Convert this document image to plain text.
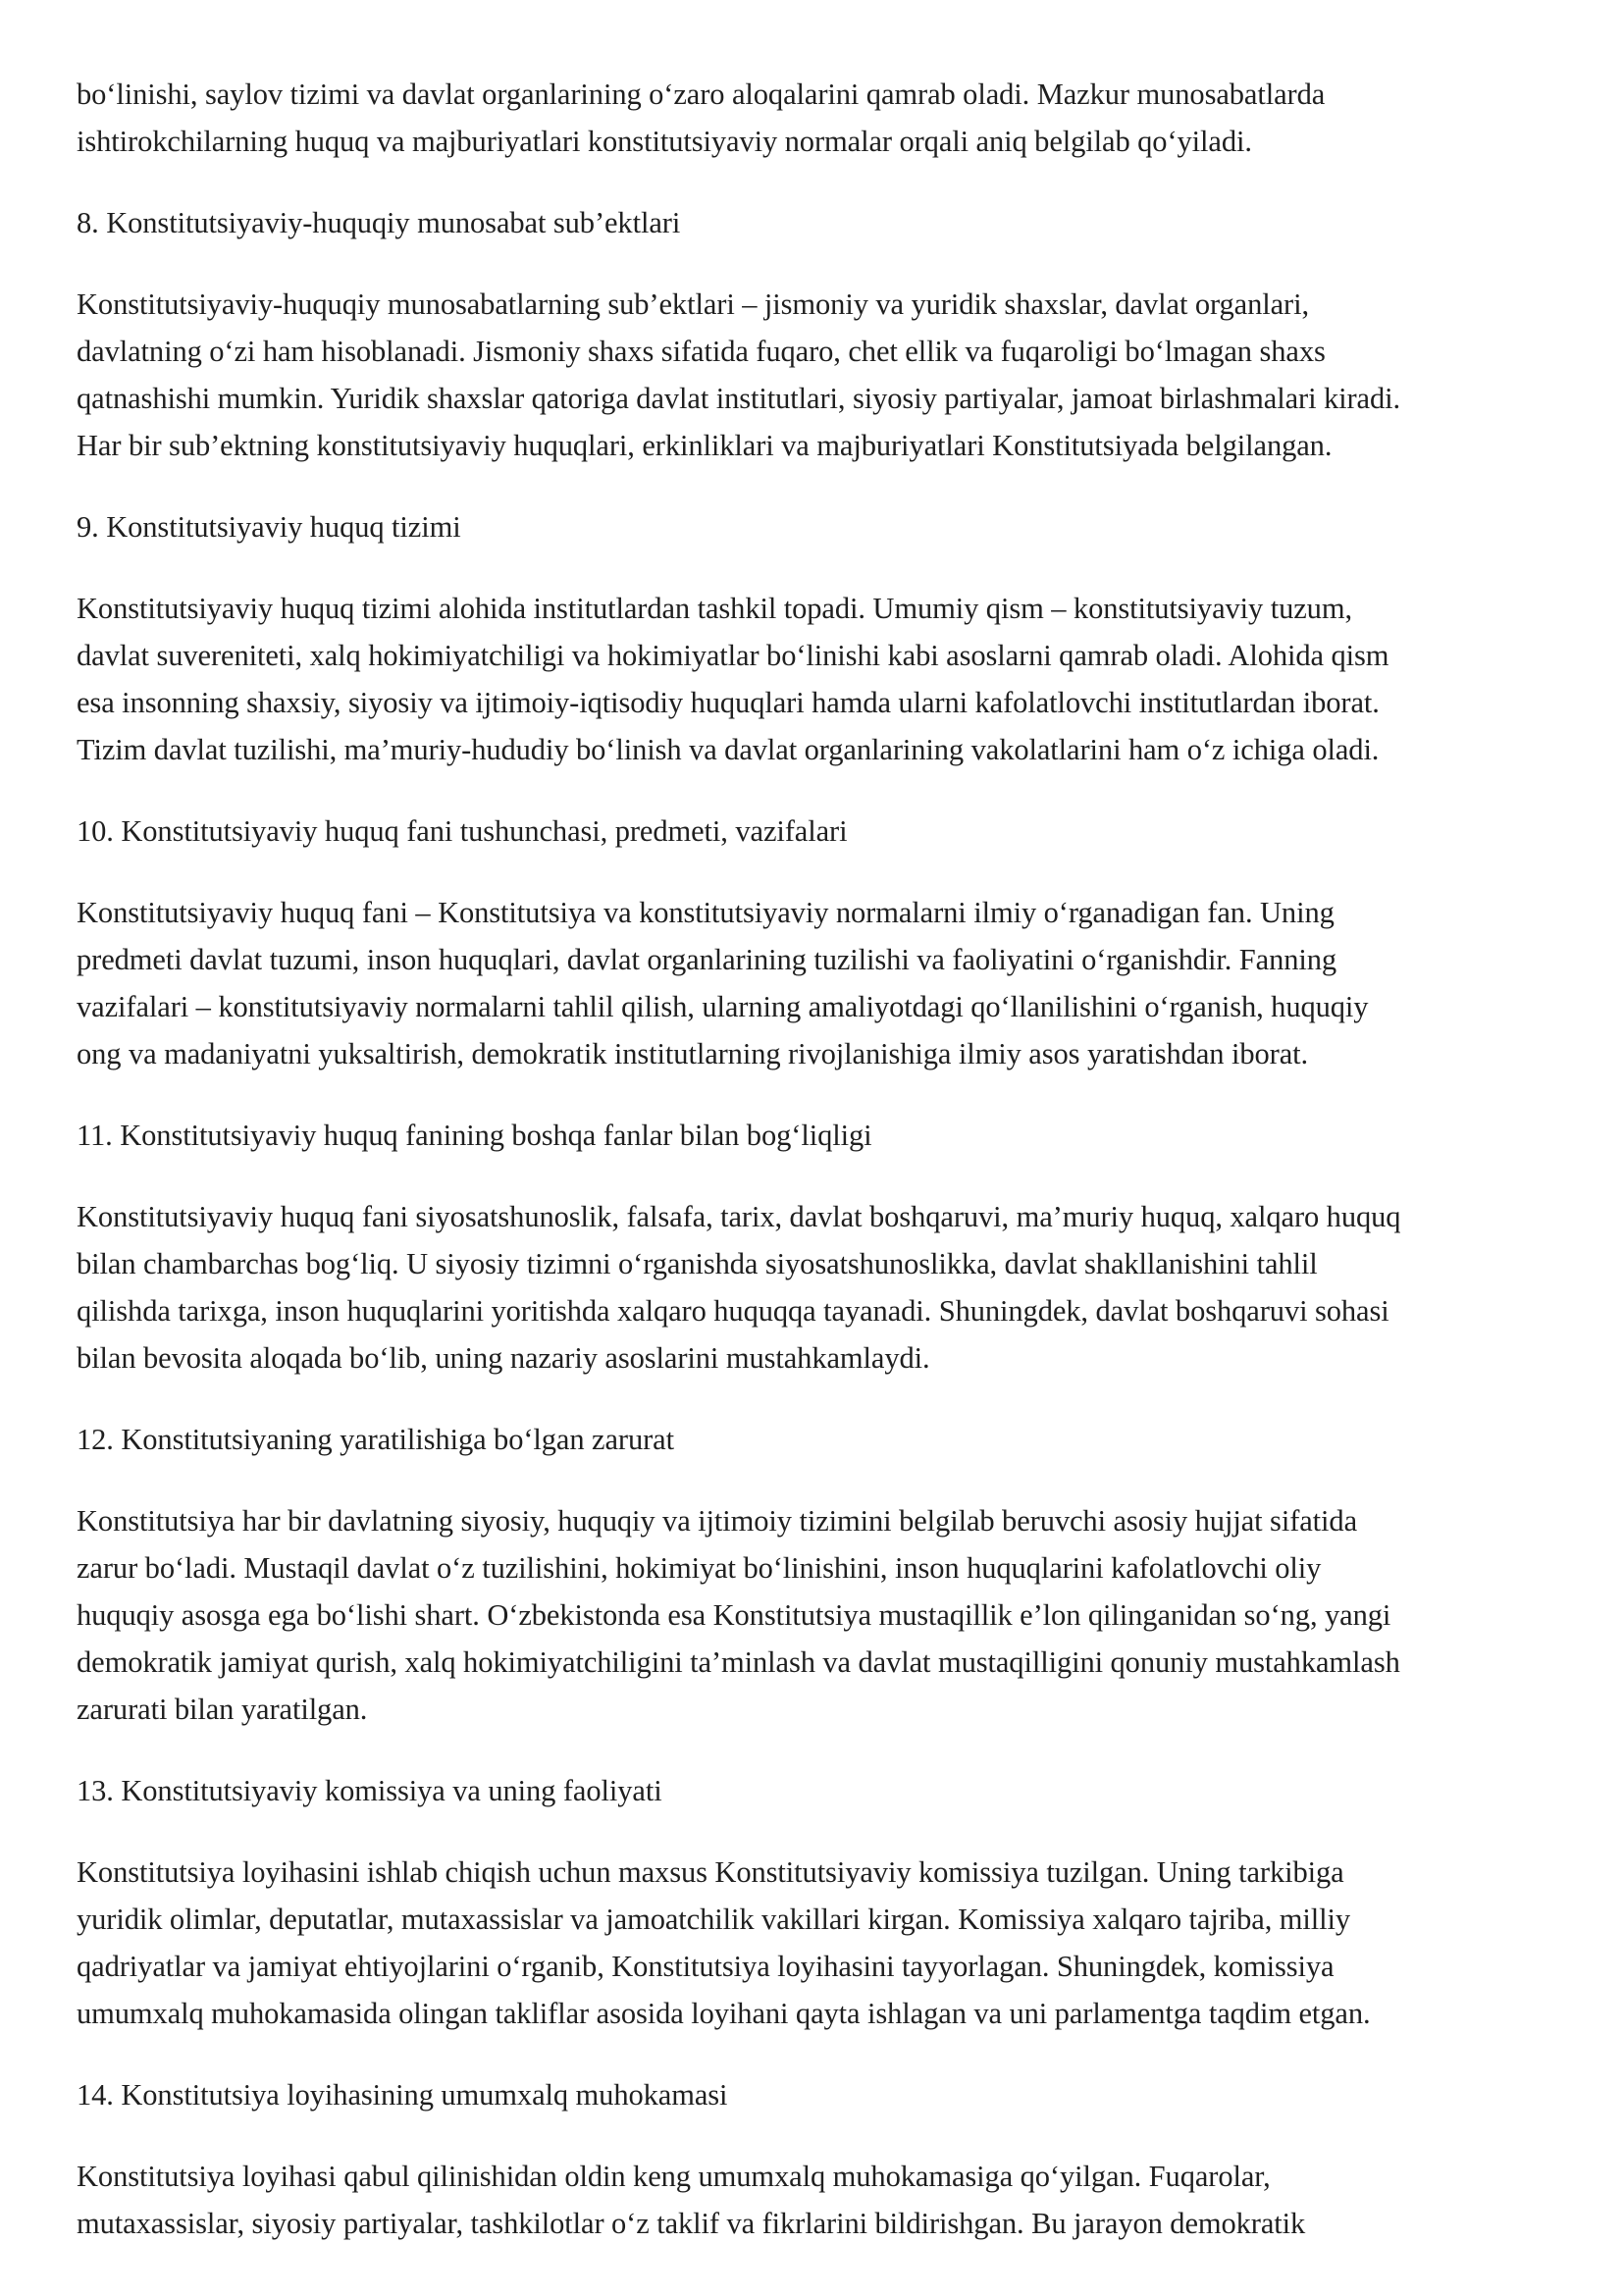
bo‘linishi, saylov tizimi va davlat organlarining o‘zaro aloqalarini qamrab oladi. Mazkur munosabatlarda
ishtirokchilarning huquq va majburiyatlari konstitutsiyaviy normalar orqali aniq belgilab qo‘yiladi.

8. Konstitutsiyaviy-huquqiy munosabat sub’ektlari

Konstitutsiyaviy-huquqiy munosabatlarning sub’ektlari – jismoniy va yuridik shaxslar, davlat organlari,
davlatning o‘zi ham hisoblanadi. Jismoniy shaxs sifatida fuqaro, chet ellik va fuqaroligi bo‘lmagan shaxs
qatnashishi mumkin. Yuridik shaxslar qatoriga davlat institutlari, siyosiy partiyalar, jamoat birlashmalari kiradi.
Har bir sub’ektning konstitutsiyaviy huquqlari, erkinliklari va majburiyatlari Konstitutsiyada belgilangan.

9. Konstitutsiyaviy huquq tizimi

Konstitutsiyaviy huquq tizimi alohida institutlardan tashkil topadi. Umumiy qism – konstitutsiyaviy tuzum,
davlat suvereniteti, xalq hokimiyatchiligi va hokimiyatlar bo‘linishi kabi asoslarni qamrab oladi. Alohida qism
esa insonning shaxsiy, siyosiy va ijtimoiy-iqtisodiy huquqlari hamda ularni kafolatlovchi institutlardan iborat.
Tizim davlat tuzilishi, ma’muriy-hududiy bo‘linish va davlat organlarining vakolatlarini ham o‘z ichiga oladi.

10. Konstitutsiyaviy huquq fani tushunchasi, predmeti, vazifalari

Konstitutsiyaviy huquq fani – Konstitutsiya va konstitutsiyaviy normalarni ilmiy o‘rganadigan fan. Uning
predmeti davlat tuzumi, inson huquqlari, davlat organlarining tuzilishi va faoliyatini o‘rganishdir. Fanning
vazifalari – konstitutsiyaviy normalarni tahlil qilish, ularning amaliyotdagi qo‘llanilishini o‘rganish, huquqiy
ong va madaniyatni yuksaltirish, demokratik institutlarning rivojlanishiga ilmiy asos yaratishdan iborat.

11. Konstitutsiyaviy huquq fanining boshqa fanlar bilan bog‘liqligi

Konstitutsiyaviy huquq fani siyosatshunoslik, falsafa, tarix, davlat boshqaruvi, ma’muriy huquq, xalqaro huquq
bilan chambarchas bog‘liq. U siyosiy tizimni o‘rganishda siyosatshunoslikka, davlat shakllanishini tahlil
qilishda tarixga, inson huquqlarini yoritishda xalqaro huquqqa tayanadi. Shuningdek, davlat boshqaruvi sohasi
bilan bevosita aloqada bo‘lib, uning nazariy asoslarini mustahkamlaydi.

12. Konstitutsiyaning yaratilishiga bo‘lgan zarurat

Konstitutsiya har bir davlatning siyosiy, huquqiy va ijtimoiy tizimini belgilab beruvchi asosiy hujjat sifatida
zarur bo‘ladi. Mustaqil davlat o‘z tuzilishini, hokimiyat bo‘linishini, inson huquqlarini kafolatlovchi oliy
huquqiy asosga ega bo‘lishi shart. O‘zbekistonda esa Konstitutsiya mustaqillik e’lon qilinganidan so‘ng, yangi
demokratik jamiyat qurish, xalq hokimiyatchiligini ta’minlash va davlat mustaqilligini qonuniy mustahkamlash
zarurati bilan yaratilgan.

13. Konstitutsiyaviy komissiya va uning faoliyati

Konstitutsiya loyihasini ishlab chiqish uchun maxsus Konstitutsiyaviy komissiya tuzilgan. Uning tarkibiga
yuridik olimlar, deputatlar, mutaxassislar va jamoatchilik vakillari kirgan. Komissiya xalqaro tajriba, milliy
qadriyatlar va jamiyat ehtiyojlarini o‘rganib, Konstitutsiya loyihasini tayyorlagan. Shuningdek, komissiya
umumxalq muhokamasida olingan takliflar asosida loyihani qayta ishlagan va uni parlamentga taqdim etgan.

14. Konstitutsiya loyihasining umumxalq muhokamasi

Konstitutsiya loyihasi qabul qilinishidan oldin keng umumxalq muhokamasiga qo‘yilgan. Fuqarolar,
mutaxassislar, siyosiy partiyalar, tashkilotlar o‘z taklif va fikrlarini bildirishgan. Bu jarayon demokratik
